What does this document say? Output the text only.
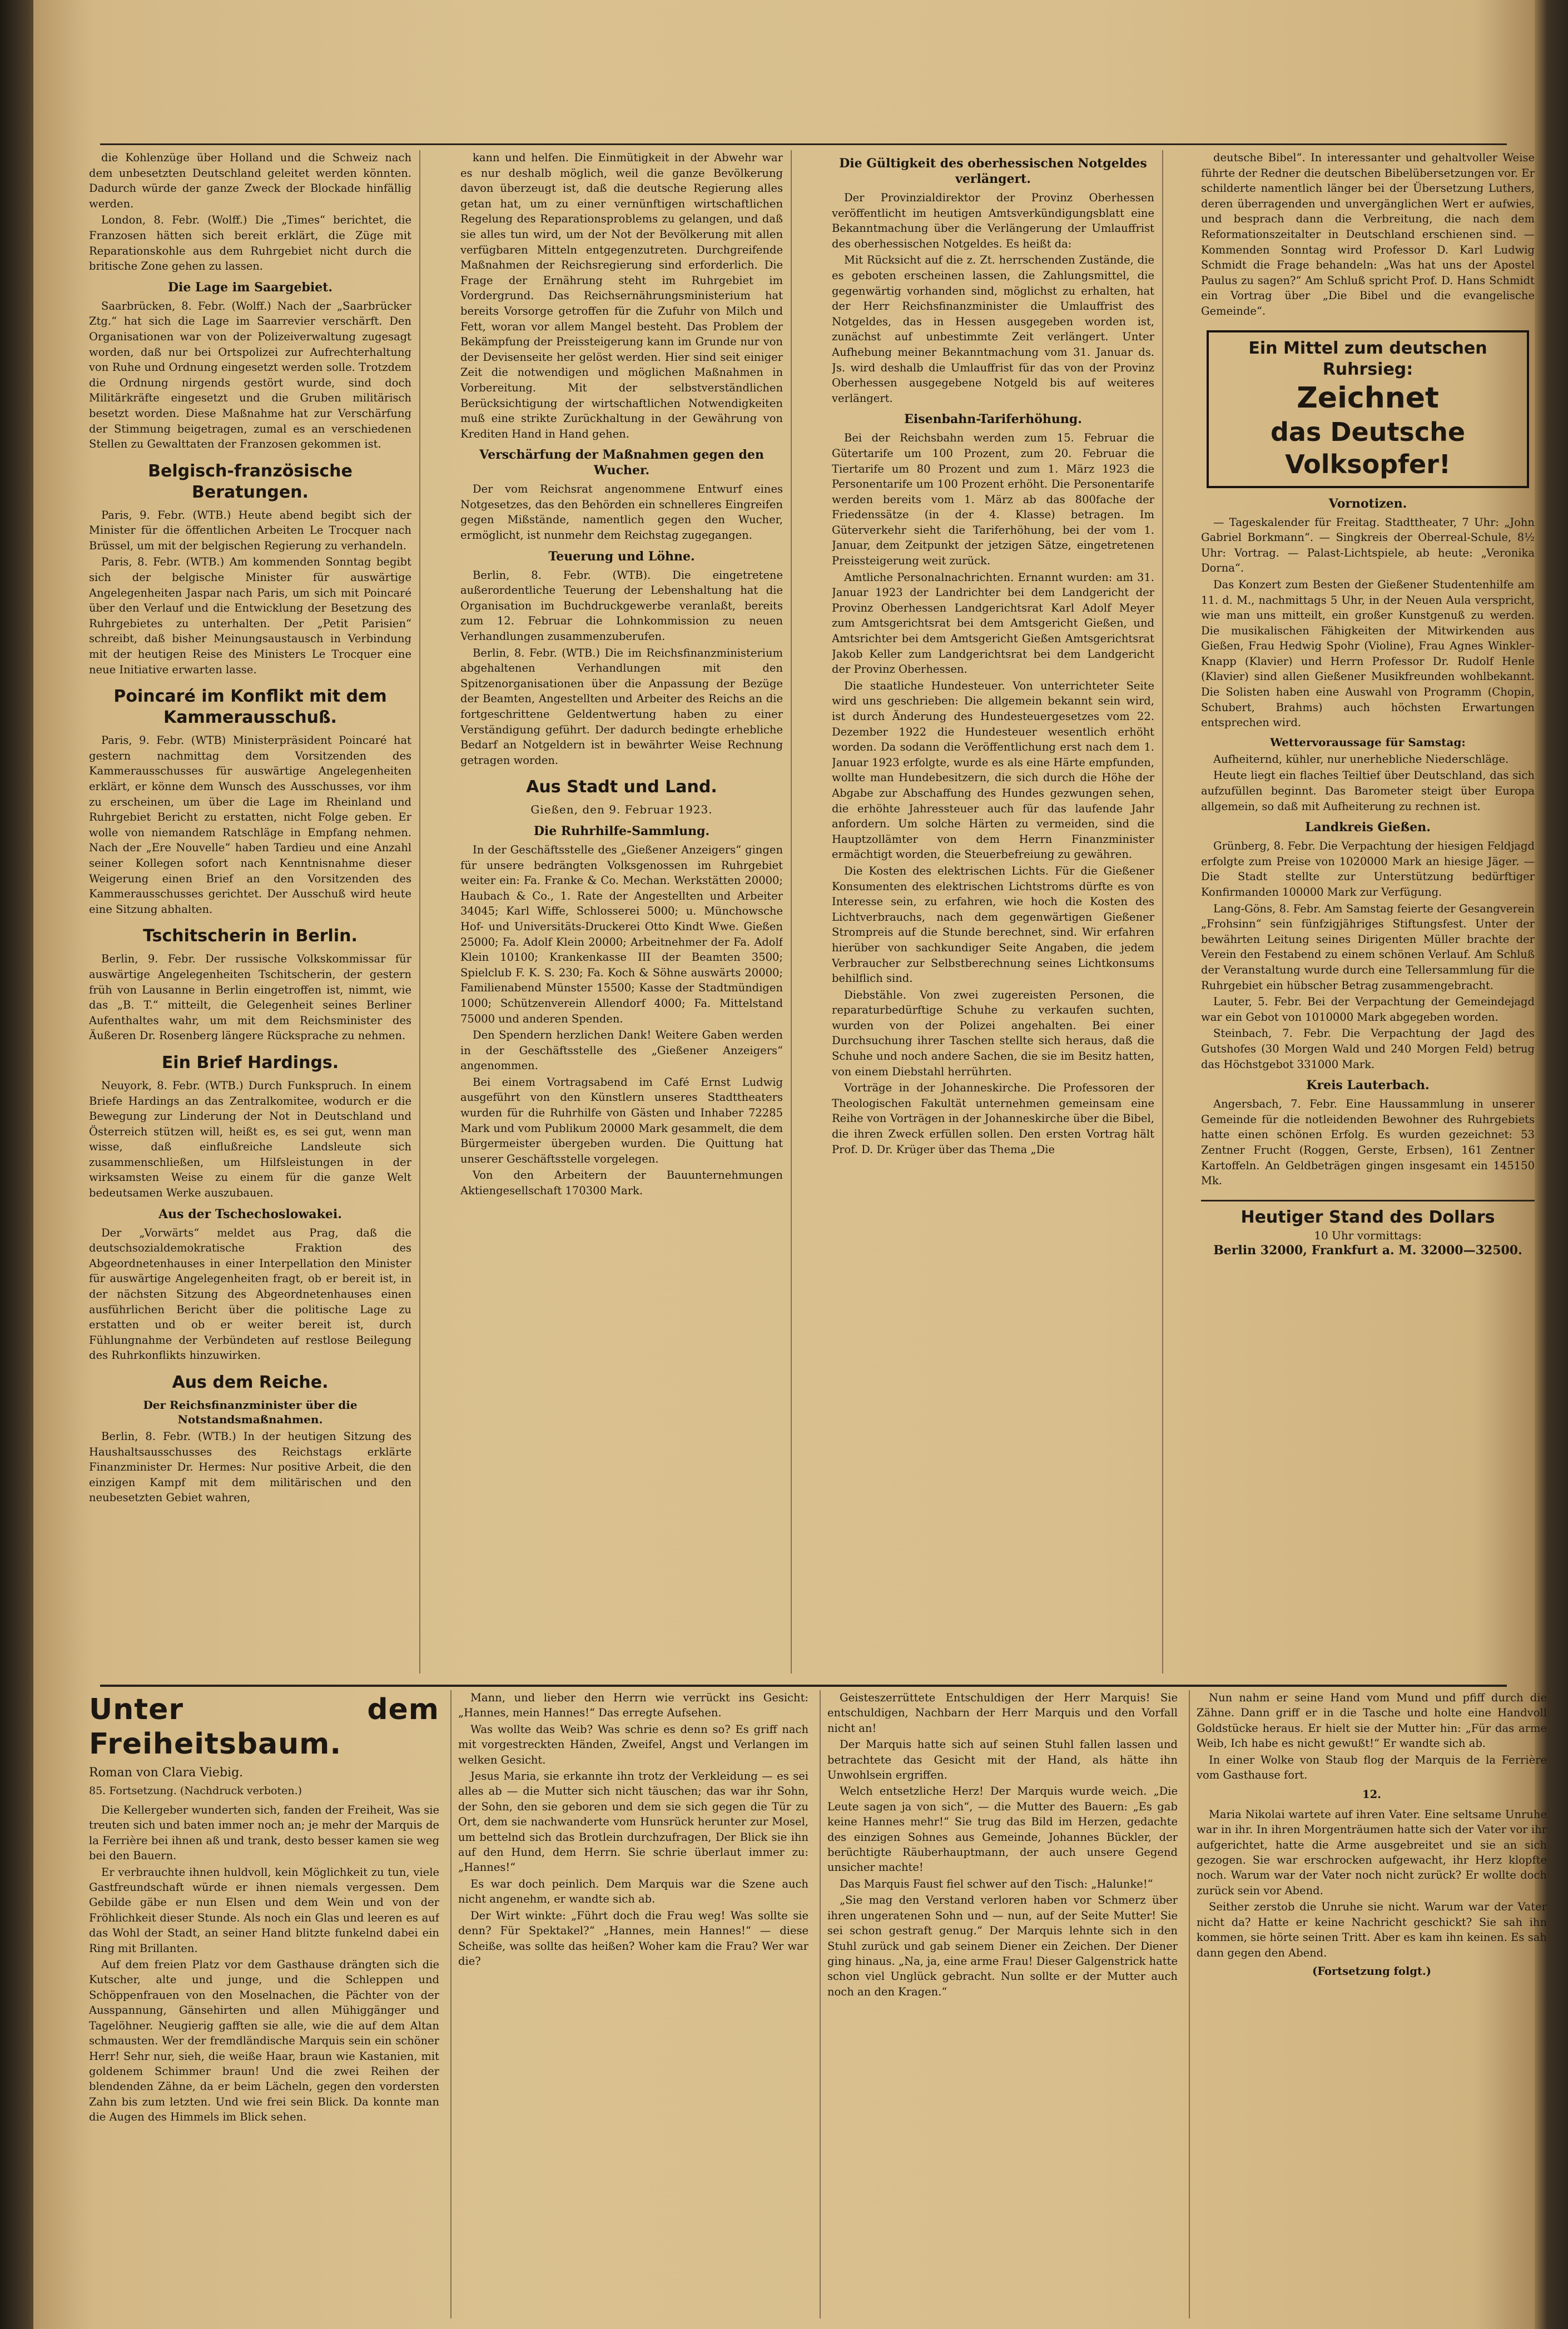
die Kohlenzüge über Holland und die Schweiz nach dem unbesetzten Deutschland geleitet werden könnten. Dadurch würde der ganze Zweck der Blockade hinfällig werden.

London, 8. Febr. (Wolff.) Die „Times“ berichtet, die Franzosen hätten sich bereit erklärt, die Züge mit Reparationskohle aus dem Ruhrgebiet nicht durch die britische Zone gehen zu lassen.

Die Lage im Saargebiet.

Saarbrücken, 8. Febr. (Wolff.) Nach der „Saarbrücker Ztg.“ hat sich die Lage im Saarrevier verschärft. Den Organisationen war von der Polizeiverwaltung zugesagt worden, daß nur bei Ortspolizei zur Aufrechterhaltung von Ruhe und Ordnung eingesetzt werden solle. Trotzdem die Ordnung nirgends gestört wurde, sind doch Militärkräfte eingesetzt und die Gruben militärisch besetzt worden. Diese Maßnahme hat zur Verschärfung der Stimmung beigetragen, zumal es an verschiedenen Stellen zu Gewalttaten der Franzosen gekommen ist.

Belgisch-französische Beratungen.

Paris, 9. Febr. (WTB.) Heute abend begibt sich der Minister für die öffentlichen Arbeiten Le Trocquer nach Brüssel, um mit der belgischen Regierung zu verhandeln.

Paris, 8. Febr. (WTB.) Am kommenden Sonntag begibt sich der belgische Minister für auswärtige Angelegenheiten Jaspar nach Paris, um sich mit Poincaré über den Verlauf und die Entwicklung der Besetzung des Ruhrgebietes zu unterhalten. Der „Petit Parisien“ schreibt, daß bisher Meinungsaustausch in Verbindung mit der heutigen Reise des Ministers Le Trocquer eine neue Initiative erwarten lasse.

Poincaré im Konflikt mit dem Kammerausschuß.

Paris, 9. Febr. (WTB) Ministerpräsident Poincaré hat gestern nachmittag dem Vorsitzenden des Kammerausschusses für auswärtige Angelegenheiten erklärt, er könne dem Wunsch des Ausschusses, vor ihm zu erscheinen, um über die Lage im Rheinland und Ruhrgebiet Bericht zu erstatten, nicht Folge geben. Er wolle von niemandem Ratschläge in Empfang nehmen. Nach der „Ere Nouvelle“ haben Tardieu und eine Anzahl seiner Kollegen sofort nach Kenntnisnahme dieser Weigerung einen Brief an den Vorsitzenden des Kammerausschusses gerichtet. Der Ausschuß wird heute eine Sitzung abhalten.

Tschitscherin in Berlin.

Berlin, 9. Febr. Der russische Volkskommissar für auswärtige Angelegenheiten Tschitscherin, der gestern früh von Lausanne in Berlin eingetroffen ist, nimmt, wie das „B. T.“ mitteilt, die Gelegenheit seines Berliner Aufenthaltes wahr, um mit dem Reichsminister des Äußeren Dr. Rosenberg längere Rücksprache zu nehmen.

Ein Brief Hardings.

Neuyork, 8. Febr. (WTB.) Durch Funkspruch. In einem Briefe Hardings an das Zentralkomitee, wodurch er die Bewegung zur Linderung der Not in Deutschland und Österreich stützen will, heißt es, es sei gut, wenn man wisse, daß einflußreiche Landsleute sich zusammenschließen, um Hilfsleistungen in der wirksamsten Weise zu einem für die ganze Welt bedeutsamen Werke auszubauen.

Aus der Tschechoslowakei.

Der „Vorwärts“ meldet aus Prag, daß die deutschsozialdemokratische Fraktion des Abgeordnetenhauses in einer Interpellation den Minister für auswärtige Angelegenheiten fragt, ob er bereit ist, in der nächsten Sitzung des Abgeordnetenhauses einen ausführlichen Bericht über die politische Lage zu erstatten und ob er weiter bereit ist, durch Fühlungnahme der Verbündeten auf restlose Beilegung des Ruhrkonflikts hinzuwirken.

Aus dem Reiche.
Der Reichsfinanzminister über die Notstandsmaßnahmen.

Berlin, 8. Febr. (WTB.) In der heutigen Sitzung des Haushaltsausschusses des Reichstags erklärte Finanzminister Dr. Hermes: Nur positive Arbeit, die den einzigen Kampf mit dem militärischen und den neubesetzten Gebiet wahren,

kann und helfen. Die Einmütigkeit in der Abwehr war es nur deshalb möglich, weil die ganze Bevölkerung davon überzeugt ist, daß die deutsche Regierung alles getan hat, um zu einer vernünftigen wirtschaftlichen Regelung des Reparationsproblems zu gelangen, und daß sie alles tun wird, um der Not der Bevölkerung mit allen verfügbaren Mitteln entgegenzutreten. Durchgreifende Maßnahmen der Reichsregierung sind erforderlich. Die Frage der Ernährung steht im Ruhrgebiet im Vordergrund. Das Reichsernährungsministerium hat bereits Vorsorge getroffen für die Zufuhr von Milch und Fett, woran vor allem Mangel besteht. Das Problem der Bekämpfung der Preissteigerung kann im Grunde nur von der Devisenseite her gelöst werden. Hier sind seit einiger Zeit die notwendigen und möglichen Maßnahmen in Vorbereitung. Mit der selbstverständlichen Berücksichtigung der wirtschaftlichen Notwendigkeiten muß eine strikte Zurückhaltung in der Gewährung von Krediten Hand in Hand gehen.

Verschärfung der Maßnahmen gegen den Wucher.

Der vom Reichsrat angenommene Entwurf eines Notgesetzes, das den Behörden ein schnelleres Eingreifen gegen Mißstände, namentlich gegen den Wucher, ermöglicht, ist nunmehr dem Reichstag zugegangen.

Teuerung und Löhne.

Berlin, 8. Febr. (WTB). Die eingetretene außerordentliche Teuerung der Lebenshaltung hat die Organisation im Buchdruckgewerbe veranlaßt, bereits zum 12. Februar die Lohnkommission zu neuen Verhandlungen zusammenzuberufen.

Berlin, 8. Febr. (WTB.) Die im Reichsfinanzministerium abgehaltenen Verhandlungen mit den Spitzenorganisationen über die Anpassung der Bezüge der Beamten, Angestellten und Arbeiter des Reichs an die fortgeschrittene Geldentwertung haben zu einer Verständigung geführt. Der dadurch bedingte erhebliche Bedarf an Notgeldern ist in bewährter Weise Rechnung getragen worden.

Aus Stadt und Land.
Gießen, den 9. Februar 1923.
Die Ruhrhilfe-Sammlung.

In der Geschäftsstelle des „Gießener Anzeigers“ gingen für unsere bedrängten Volksgenossen im Ruhrgebiet weiter ein: Fa. Franke & Co. Mechan. Werkstätten 20000; Haubach & Co., 1. Rate der Angestellten und Arbeiter 34045; Karl Wiffe, Schlosserei 5000; u. Münchowsche Hof- und Universitäts-Druckerei Otto Kindt Wwe. Gießen 25000; Fa. Adolf Klein 20000; Arbeitnehmer der Fa. Adolf Klein 10100; Krankenkasse III der Beamten 3500; Spielclub F. K. S. 230; Fa. Koch & Söhne auswärts 20000; Familienabend Münster 15500; Kasse der Stadtmündigen 1000; Schützenverein Allendorf 4000; Fa. Mittelstand 75000 und anderen Spenden.

Den Spendern herzlichen Dank! Weitere Gaben werden in der Geschäftsstelle des „Gießener Anzeigers“ angenommen.

Bei einem Vortragsabend im Café Ernst Ludwig ausgeführt von den Künstlern unseres Stadttheaters wurden für die Ruhrhilfe von Gästen und Inhaber 72285 Mark und vom Publikum 20000 Mark gesammelt, die dem Bürgermeister übergeben wurden. Die Quittung hat unserer Geschäftsstelle vorgelegen.

Von den Arbeitern der Bauunternehmungen Aktiengesellschaft 170300 Mark.

Die Gültigkeit des oberhessischen Notgeldes verlängert.

Der Provinzialdirektor der Provinz Oberhessen veröffentlicht im heutigen Amtsverkündigungsblatt eine Bekanntmachung über die Verlängerung der Umlauffrist des oberhessischen Notgeldes. Es heißt da:

Mit Rücksicht auf die z. Zt. herrschenden Zustände, die es geboten erscheinen lassen, die Zahlungsmittel, die gegenwärtig vorhanden sind, möglichst zu erhalten, hat der Herr Reichsfinanzminister die Umlauffrist des Notgeldes, das in Hessen ausgegeben worden ist, zunächst auf unbestimmte Zeit verlängert. Unter Aufhebung meiner Bekanntmachung vom 31. Januar ds. Js. wird deshalb die Umlauffrist für das von der Provinz Oberhessen ausgegebene Notgeld bis auf weiteres verlängert.

Eisenbahn-Tariferhöhung.

Bei der Reichsbahn werden zum 15. Februar die Gütertarife um 100 Prozent, zum 20. Februar die Tiertarife um 80 Prozent und zum 1. März 1923 die Personentarife um 100 Prozent erhöht. Die Personentarife werden bereits vom 1. März ab das 800fache der Friedenssätze (in der 4. Klasse) betragen. Im Güterverkehr sieht die Tariferhöhung, bei der vom 1. Januar, dem Zeitpunkt der jetzigen Sätze, eingetretenen Preissteigerung weit zurück.

Amtliche Personalnachrichten. Ernannt wurden: am 31. Januar 1923 der Landrichter bei dem Landgericht der Provinz Oberhessen Landgerichtsrat Karl Adolf Meyer zum Amtsgerichtsrat bei dem Amtsgericht Gießen, und Amtsrichter bei dem Amtsgericht Gießen Amtsgerichtsrat Jakob Keller zum Landgerichtsrat bei dem Landgericht der Provinz Oberhessen.

Die staatliche Hundesteuer. Von unterrichteter Seite wird uns geschrieben: Die allgemein bekannt sein wird, ist durch Änderung des Hundesteuergesetzes vom 22. Dezember 1922 die Hundesteuer wesentlich erhöht worden. Da sodann die Veröffentlichung erst nach dem 1. Januar 1923 erfolgte, wurde es als eine Härte empfunden, wollte man Hundebesitzern, die sich durch die Höhe der Abgabe zur Abschaffung des Hundes gezwungen sehen, die erhöhte Jahressteuer auch für das laufende Jahr anfordern. Um solche Härten zu vermeiden, sind die Hauptzollämter von dem Herrn Finanzminister ermächtigt worden, die Steuerbefreiung zu gewähren.

Die Kosten des elektrischen Lichts. Für die Gießener Konsumenten des elektrischen Lichtstroms dürfte es von Interesse sein, zu erfahren, wie hoch die Kosten des Lichtverbrauchs, nach dem gegenwärtigen Gießener Strompreis auf die Stunde berechnet, sind. Wir erfahren hierüber von sachkundiger Seite Angaben, die jedem Verbraucher zur Selbstberechnung seines Lichtkonsums behilflich sind.

Diebstähle. Von zwei zugereisten Personen, die reparaturbedürftige Schuhe zu verkaufen suchten, wurden von der Polizei angehalten. Bei einer Durchsuchung ihrer Taschen stellte sich heraus, daß die Schuhe und noch andere Sachen, die sie im Besitz hatten, von einem Diebstahl herrührten.

Vorträge in der Johanneskirche. Die Professoren der Theologischen Fakultät unternehmen gemeinsam eine Reihe von Vorträgen in der Johanneskirche über die Bibel, die ihren Zweck erfüllen sollen. Den ersten Vortrag hält Prof. D. Dr. Krüger über das Thema „Die

deutsche Bibel“. In interessanter und gehaltvoller Weise führte der Redner die deutschen Bibelübersetzungen vor. Er schilderte namentlich länger bei der Übersetzung Luthers, deren überragenden und unvergänglichen Wert er aufwies, und besprach dann die Verbreitung, die nach dem Reformationszeitalter in Deutschland erschienen sind. — Kommenden Sonntag wird Professor D. Karl Ludwig Schmidt die Frage behandeln: „Was hat uns der Apostel Paulus zu sagen?“ Am Schluß spricht Prof. D. Hans Schmidt ein Vortrag über „Die Bibel und die evangelische Gemeinde“.

Ein Mittel zum deutschen Ruhrsieg:
Zeichnet
das Deutsche Volksopfer!
Vornotizen.

— Tageskalender für Freitag. Stadttheater, 7 Uhr: „John Gabriel Borkmann“. — Singkreis der Oberreal-Schule, 8½ Uhr: Vortrag. — Palast-Lichtspiele, ab heute: „Veronika Dorna“.

Das Konzert zum Besten der Gießener Studentenhilfe am 11. d. M., nachmittags 5 Uhr, in der Neuen Aula verspricht, wie man uns mitteilt, ein großer Kunstgenuß zu werden. Die musikalischen Fähigkeiten der Mitwirkenden aus Gießen, Frau Hedwig Spohr (Violine), Frau Agnes Winkler-Knapp (Klavier) und Herrn Professor Dr. Rudolf Henle (Klavier) sind allen Gießener Musikfreunden wohlbekannt. Die Solisten haben eine Auswahl von Programm (Chopin, Schubert, Brahms) auch höchsten Erwartungen entsprechen wird.

Wettervoraussage für Samstag:

Aufheiternd, kühler, nur unerhebliche Niederschläge.

Heute liegt ein flaches Teiltief über Deutschland, das sich aufzufüllen beginnt. Das Barometer steigt über Europa allgemein, so daß mit Aufheiterung zu rechnen ist.

Landkreis Gießen.

Grünberg, 8. Febr. Die Verpachtung der hiesigen Feldjagd erfolgte zum Preise von 1020000 Mark an hiesige Jäger. — Die Stadt stellte zur Unterstützung bedürftiger Konfirmanden 100000 Mark zur Verfügung.

Lang-Göns, 8. Febr. Am Samstag feierte der Gesangverein „Frohsinn“ sein fünfzigjähriges Stiftungsfest. Unter der bewährten Leitung seines Dirigenten Müller brachte der Verein den Festabend zu einem schönen Verlauf. Am Schluß der Veranstaltung wurde durch eine Tellersammlung für die Ruhrgebiet ein hübscher Betrag zusammengebracht.

Lauter, 5. Febr. Bei der Verpachtung der Gemeindejagd war ein Gebot von 1010000 Mark abgegeben worden.

Steinbach, 7. Febr. Die Verpachtung der Jagd des Gutshofes (30 Morgen Wald und 240 Morgen Feld) betrug das Höchstgebot 331000 Mark.

Kreis Lauterbach.

Angersbach, 7. Febr. Eine Haussammlung in unserer Gemeinde für die notleidenden Bewohner des Ruhrgebiets hatte einen schönen Erfolg. Es wurden gezeichnet: 53 Zentner Frucht (Roggen, Gerste, Erbsen), 161 Zentner Kartoffeln. An Geldbeträgen gingen insgesamt ein 145150 Mk.

Heutiger Stand des Dollars
10 Uhr vormittags:
Berlin 32000, Frankfurt a. M. 32000—32500.
Unter dem Freiheitsbaum.
Roman von Clara Viebig.
85. Fortsetzung. (Nachdruck verboten.)

Die Kellergeber wunderten sich, fanden der Freiheit, Was sie treuten sich und baten immer noch an; je mehr der Marquis de la Ferrière bei ihnen aß und trank, desto besser kamen sie weg bei den Bauern.

Er verbrauchte ihnen huldvoll, kein Möglichkeit zu tun, viele Gastfreundschaft würde er ihnen niemals vergessen. Dem Gebilde gäbe er nun Elsen und dem Wein und von der Fröhlichkeit dieser Stunde. Als noch ein Glas und leeren es auf das Wohl der Stadt, an seiner Hand blitzte funkelnd dabei ein Ring mit Brillanten.

Auf dem freien Platz vor dem Gasthause drängten sich die Kutscher, alte und junge, und die Schleppen und Schöppenfrauen von den Moselnachen, die Pächter von der Ausspannung, Gänsehirten und allen Mühiggänger und Tagelöhner. Neugierig gafften sie alle, wie die auf dem Altan schmausten. Wer der fremdländische Marquis sein ein schöner Herr! Sehr nur, sieh, die weiße Haar, braun wie Kastanien, mit goldenem Schimmer braun! Und die zwei Reihen der blendenden Zähne, da er beim Lächeln, gegen den vordersten Zahn bis zum letzten. Und wie frei sein Blick. Da konnte man die Augen des Himmels im Blick sehen.

Mann, und lieber den Herrn wie verrückt ins Gesicht: „Hannes, mein Hannes!“ Das erregte Aufsehen.

Was wollte das Weib? Was schrie es denn so? Es griff nach mit vorgestreckten Händen, Zweifel, Angst und Verlangen im welken Gesicht.

Jesus Maria, sie erkannte ihn trotz der Verkleidung — es sei alles ab — die Mutter sich nicht täuschen; das war ihr Sohn, der Sohn, den sie geboren und dem sie sich gegen die Tür zu Ort, dem sie nachwanderte vom Hunsrück herunter zur Mosel, um bettelnd sich das Brotlein durchzufragen, Der Blick sie ihn auf den Hund, dem Herrn. Sie schrie überlaut immer zu: „Hannes!“

Es war doch peinlich. Dem Marquis war die Szene auch nicht angenehm, er wandte sich ab.

Der Wirt winkte: „Führt doch die Frau weg! Was sollte sie denn? Für Spektakel?“ „Hannes, mein Hannes!“ — diese Scheiße, was sollte das heißen? Woher kam die Frau? Wer war die?

Geisteszerrüttete Entschuldigen der Herr Marquis! Sie entschuldigen, Nachbarn der Herr Marquis und den Vorfall nicht an!

Der Marquis hatte sich auf seinen Stuhl fallen lassen und betrachtete das Gesicht mit der Hand, als hätte ihn Unwohlsein ergriffen.

Welch entsetzliche Herz! Der Marquis wurde weich. „Die Leute sagen ja von sich“, — die Mutter des Bauern: „Es gab keine Hannes mehr!“ Sie trug das Bild im Herzen, gedachte des einzigen Sohnes aus Gemeinde, Johannes Bückler, der berüchtigte Räuberhauptmann, der auch unsere Gegend unsicher machte!

Das Marquis Faust fiel schwer auf den Tisch: „Halunke!“

„Sie mag den Verstand verloren haben vor Schmerz über ihren ungeratenen Sohn und — nun, auf der Seite Mutter! Sie sei schon gestraft genug.“ Der Marquis lehnte sich in den Stuhl zurück und gab seinem Diener ein Zeichen. Der Diener ging hinaus. „Na, ja, eine arme Frau! Dieser Galgenstrick hatte schon viel Unglück gebracht. Nun sollte er der Mutter auch noch an den Kragen.“

Nun nahm er seine Hand vom Mund und pfiff durch die Zähne. Dann griff er in die Tasche und holte eine Handvoll Goldstücke heraus. Er hielt sie der Mutter hin: „Für das arme Weib, Ich habe es nicht gewußt!“ Er wandte sich ab.

In einer Wolke von Staub flog der Marquis de la Ferrière vom Gasthause fort.

12.

Maria Nikolai wartete auf ihren Vater. Eine seltsame Unruhe war in ihr. In ihren Morgenträumen hatte sich der Vater vor ihr aufgerichtet, hatte die Arme ausgebreitet und sie an sich gezogen. Sie war erschrocken aufgewacht, ihr Herz klopfte noch. Warum war der Vater noch nicht zurück? Er wollte doch zurück sein vor Abend.

Seither zerstob die Unruhe sie nicht. Warum war der Vater nicht da? Hatte er keine Nachricht geschickt? Sie sah ihn kommen, sie hörte seinen Tritt. Aber es kam ihn keinen. Es sah dann gegen den Abend.

(Fortsetzung folgt.)
